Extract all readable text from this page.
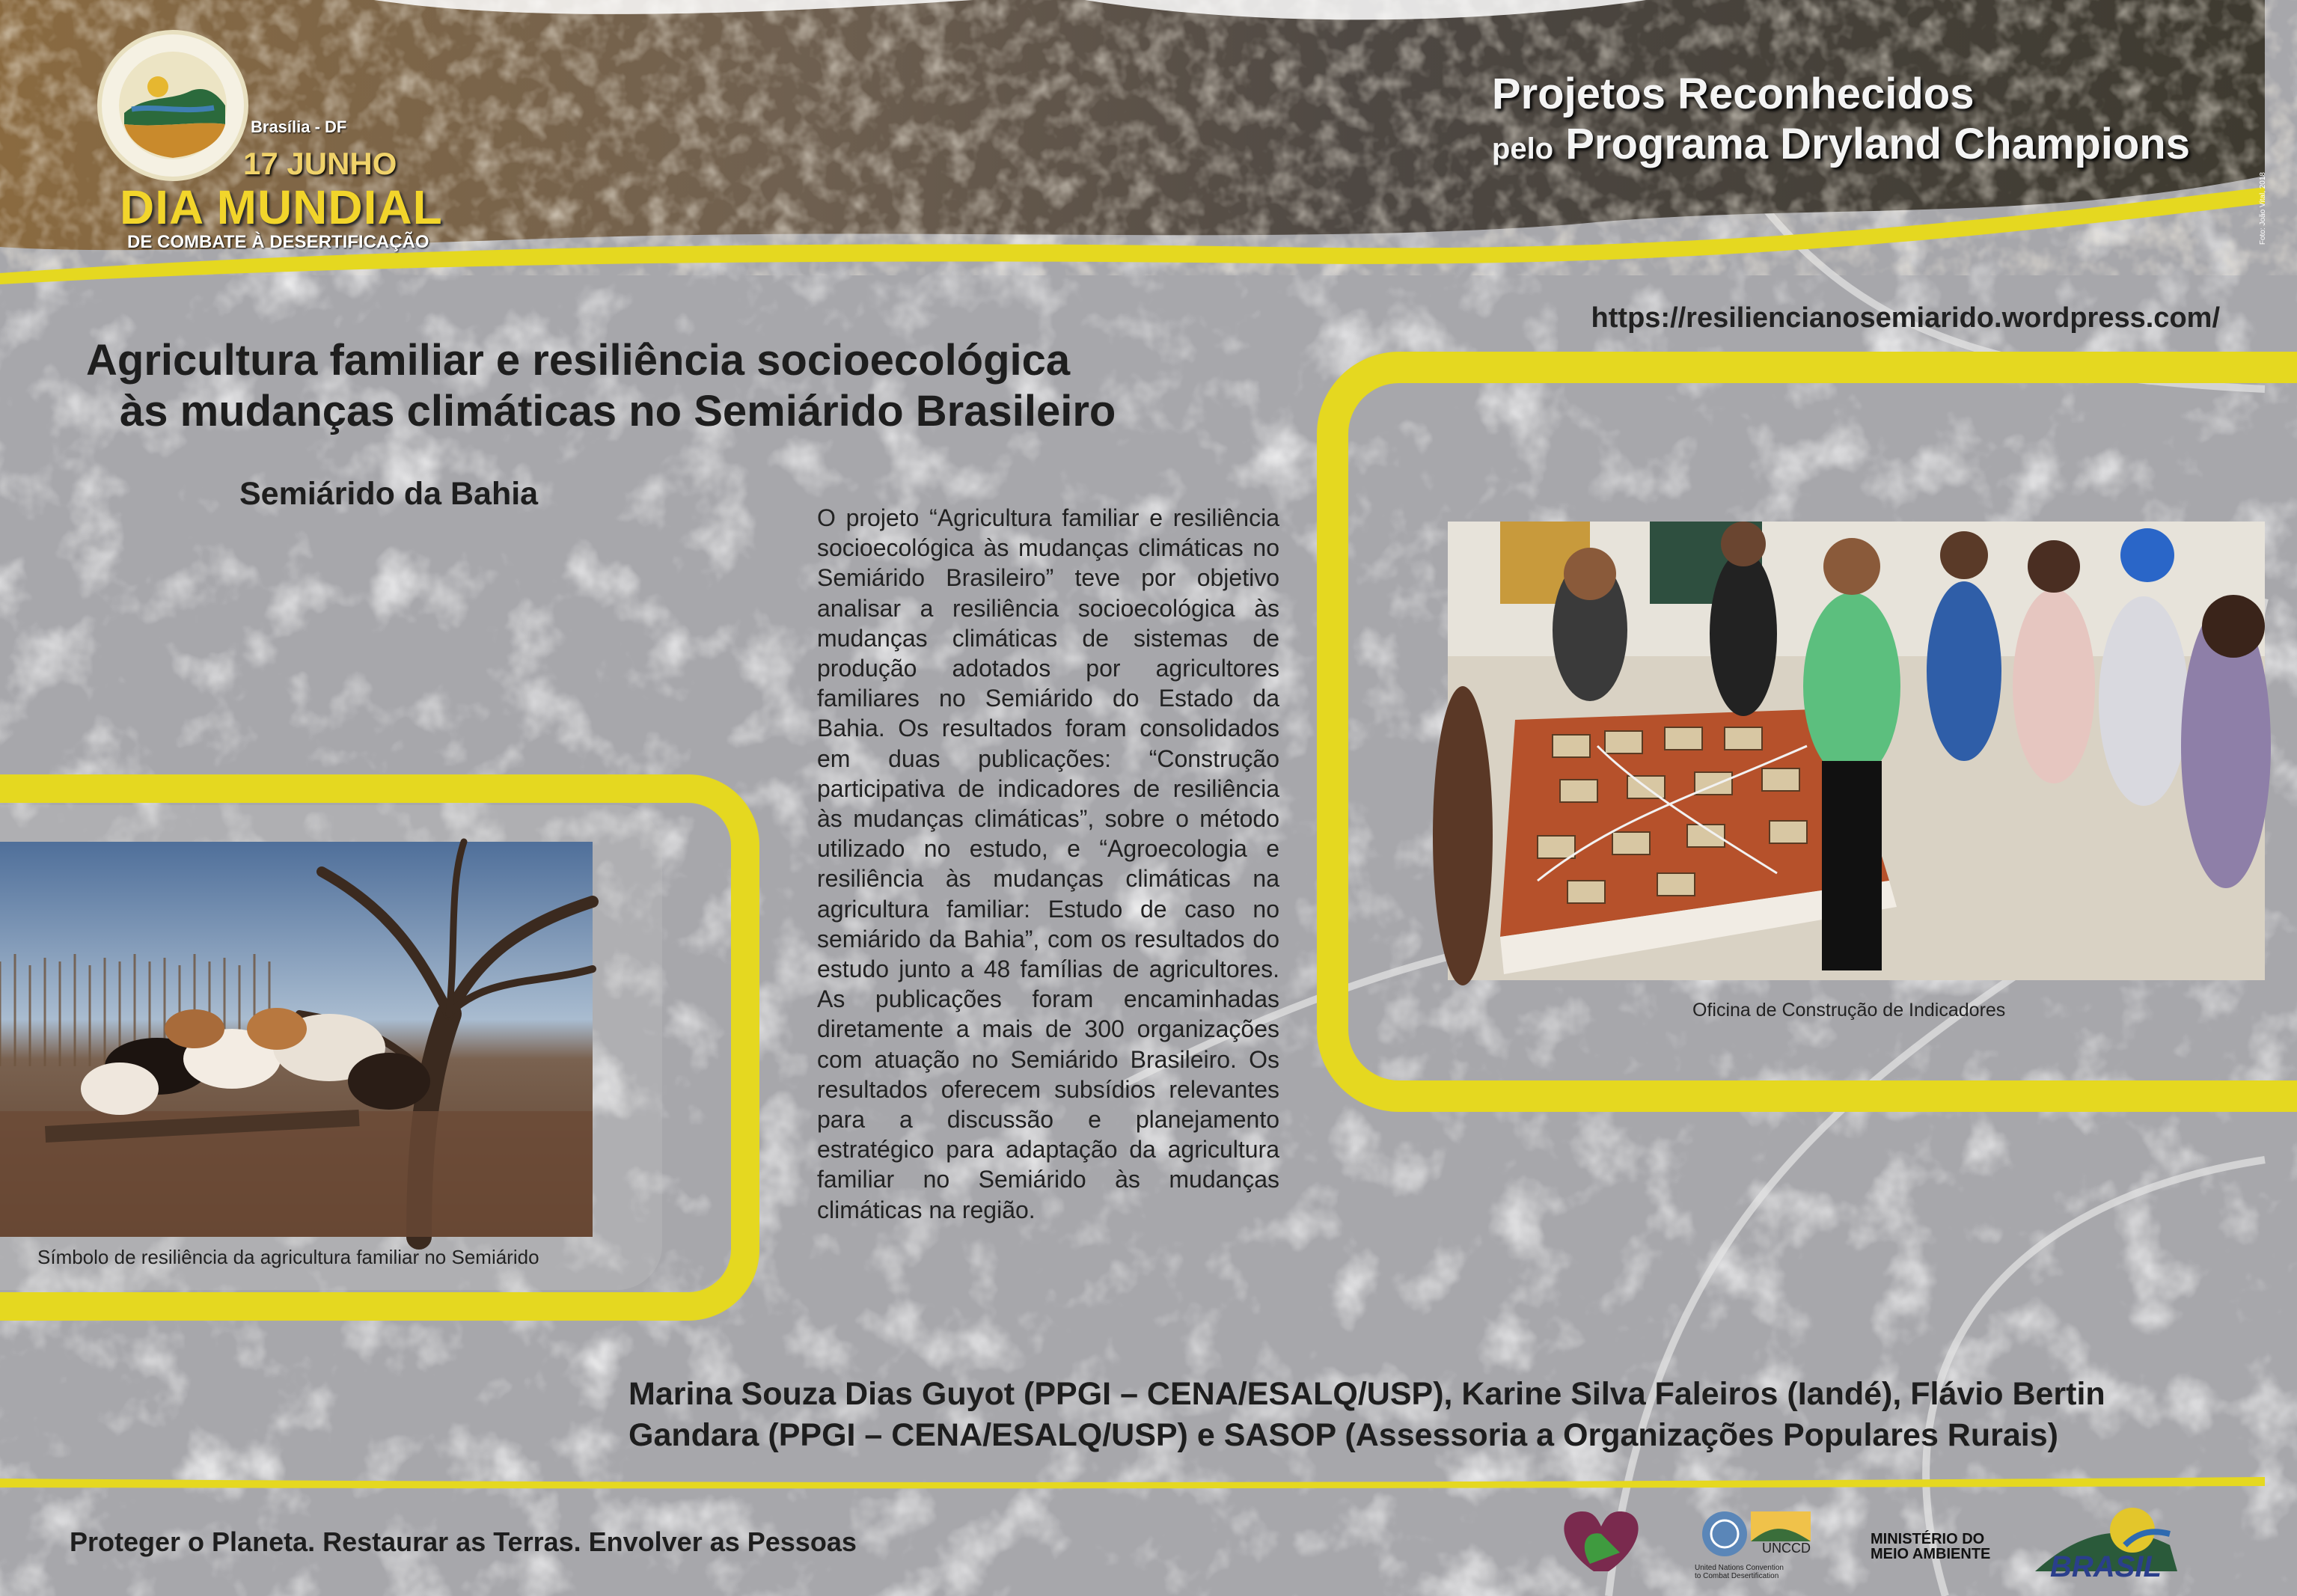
Brasília - DF
17 JUNHO
DIA MUNDIAL
DE COMBATE À DESERTIFICAÇÃO
Projetos Reconhecidos
pelo Programa Dryland Champions
Foto: João Vital, 2018
https://resiliencianosemiarido.wordpress.com/
Agricultura familiar e resiliência socioecológica
às mudanças climáticas no Semiárido Brasileiro
Semiárido da Bahia
Símbolo de resiliência da agricultura familiar no Semiárido
O projeto “Agricultura familiar e resiliência socioecológica às mudanças climáticas no Semiárido Brasileiro” teve por objetivo analisar a resiliência socioecológica às mudanças climáticas de sistemas de produção adotados por agricultores familiares no Semiárido do Estado da Bahia. Os resultados foram consolidados em duas publicações: “Construção participativa de indicadores de resiliência às mudanças climáticas”, sobre o método utilizado no estudo, e “Agroecologia e resiliência às mudanças climáticas na agricultura familiar: Estudo de caso no semiárido da Bahia”, com os resultados do estudo junto a 48 famílias de agricultores. As publicações foram encaminhadas diretamente a mais de 300 organizações com atuação no Semiárido Brasileiro. Os resultados oferecem subsídios relevantes para a discussão e planejamento estratégico para adaptação da agricultura familiar no Semiárido às mudanças climáticas na região.
Oficina de Construção de Indicadores
Marina Souza Dias Guyot (PPGI – CENA/ESALQ/USP), Karine Silva Faleiros (Iandé), Flávio Bertin
Gandara (PPGI – CENA/ESALQ/USP) e SASOP (Assessoria a Organizações Populares Rurais)
Proteger o Planeta. Restaurar as Terras. Envolver as Pessoas
BRASIL
UNCCD
United Nations Convention to Combat Desertification
MINISTÉRIO DO
MEIO AMBIENTE
